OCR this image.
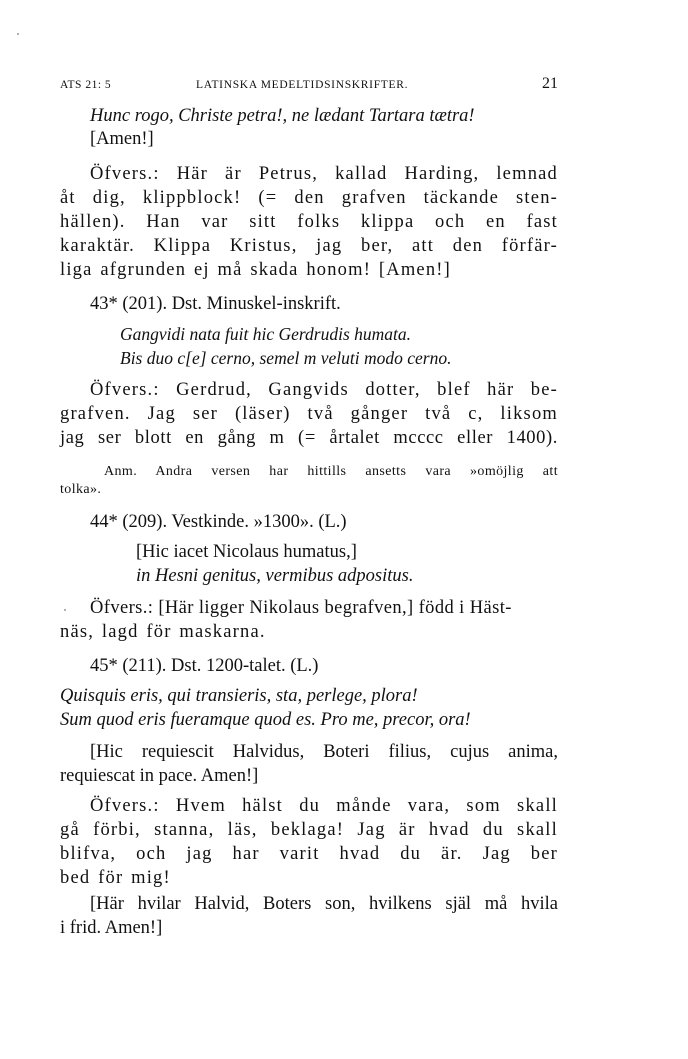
ATS 21: 5	LATINSKA MEDELTIDSINSKRIFTER.	21
Hunc rogo, Christe petra!, ne lædant Tartara tætra!
[Amen!]
Öfvers.: Här är Petrus, kallad Harding, lemnad
åt dig, klippblock! (= den grafven täckande sten-
hällen). Han var sitt folks klippa och en fast
karaktär. Klippa Kristus, jag ber, att den förfär-
liga afgrunden ej må skada honom! [Amen!]
43* (201). Dst. Minuskel-inskrift.
Gangvidi nata fuit hic Gerdrudis humata.
Bis duo c[e] cerno, semel m veluti modo cerno.
Öfvers.: Gerdrud, Gangvids dotter, blef här be-
grafven. Jag ser (läser) två gånger två c, liksom
jag ser blott en gång m (= årtalet mcccc eller 1400).
Anm. Andra versen har hittills ansetts vara »omöjlig att
tolka».
44* (209). Vestkinde. »1300». (L.)
[Hic iacet Nicolaus humatus,]
in Hesni genitus, vermibus adpositus.
Öfvers.: [Här ligger Nikolaus begrafven,] född i Häst-
näs, lagd för maskarna.
45* (211). Dst. 1200-talet. (L.)
Quisquis eris, qui transieris, sta, perlege, plora!
Sum quod eris fueramque quod es. Pro me, precor, ora!
[Hic requiescit Halvidus, Boteri filius, cujus anima,
requiescat in pace. Amen!]
Öfvers.: Hvem hälst du månde vara, som skall
gå förbi, stanna, läs, beklaga! Jag är hvad du skall
blifva, och jag har varit hvad du är. Jag ber
bed för mig!
[Här hvilar Halvid, Boters son, hvilkens själ må hvila
i frid. Amen!]
